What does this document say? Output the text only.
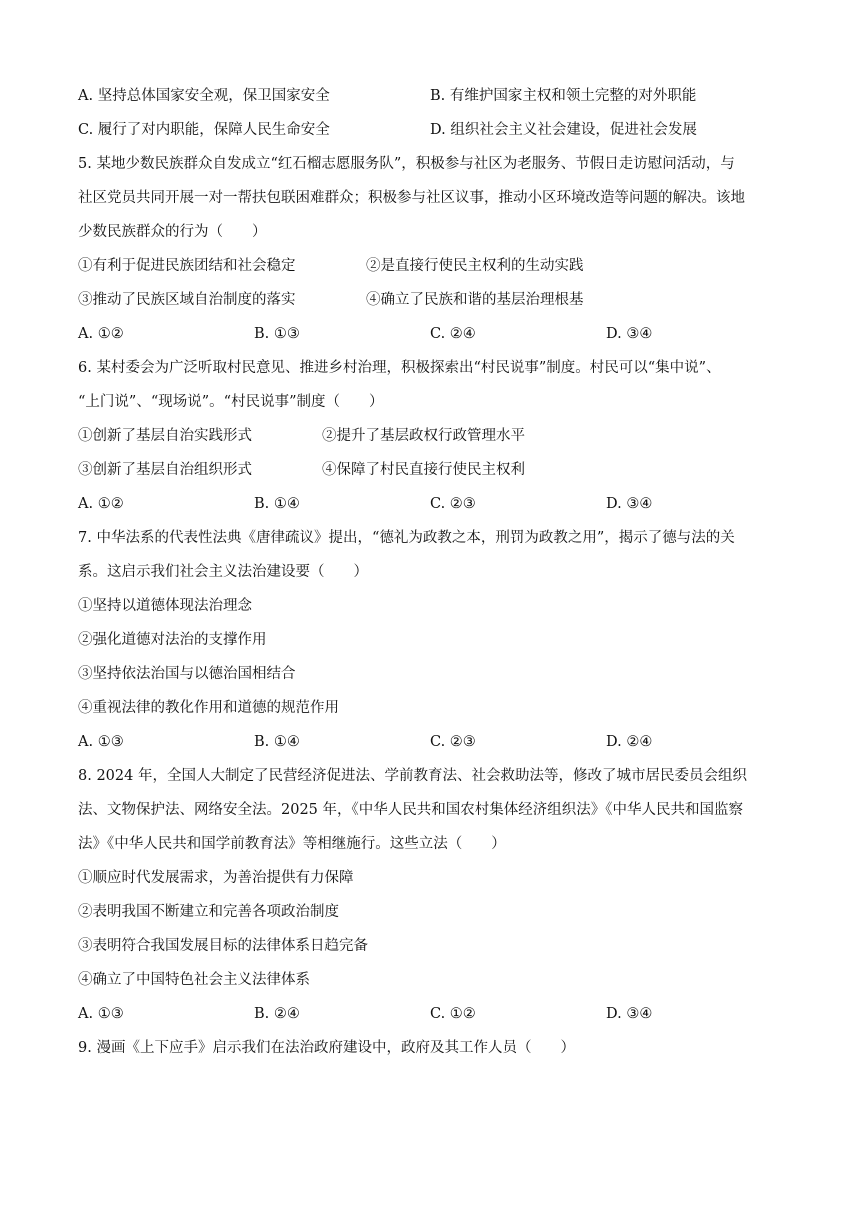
A. 坚持总体国家安全观，保卫国家安全	B. 有维护国家主权和领土完整的对外职能
C. 履行了对内职能，保障人民生命安全	D. 组织社会主义社会建设，促进社会发展
5. 某地少数民族群众自发成立“红石榴志愿服务队”，积极参与社区为老服务、节假日走访慰问活动，与
社区党员共同开展一对一帮扶包联困难群众；积极参与社区议事，推动小区环境改造等问题的解决。该地
少数民族群众的行为（　　）
①有利于促进民族团结和社会稳定	②是直接行使民主权利的生动实践
③推动了民族区域自治制度的落实	④确立了民族和谐的基层治理根基
A. ①②	B. ①③	C. ②④	D. ③④
6. 某村委会为广泛听取村民意见、推进乡村治理，积极探索出“村民说事”制度。村民可以“集中说”、
“上门说”、“现场说”。“村民说事”制度（　　）
①创新了基层自治实践形式	②提升了基层政权行政管理水平
③创新了基层自治组织形式	④保障了村民直接行使民主权利
A. ①②	B. ①④	C. ②③	D. ③④
7. 中华法系的代表性法典《唐律疏议》提出，“德礼为政教之本，刑罚为政教之用”，揭示了德与法的关
系。这启示我们社会主义法治建设要（　　）
①坚持以道德体现法治理念
②强化道德对法治的支撑作用
③坚持依法治国与以德治国相结合
④重视法律的教化作用和道德的规范作用
A. ①③	B. ①④	C. ②③	D. ②④
8. 2024 年，全国人大制定了民营经济促进法、学前教育法、社会救助法等，修改了城市居民委员会组织
法、文物保护法、网络安全法。2025 年，《中华人民共和国农村集体经济组织法》《中华人民共和国监察
法》《中华人民共和国学前教育法》等相继施行。这些立法（　　）
①顺应时代发展需求，为善治提供有力保障
②表明我国不断建立和完善各项政治制度
③表明符合我国发展目标的法律体系日趋完备
④确立了中国特色社会主义法律体系
A. ①③	B. ②④	C. ①②	D. ③④
9. 漫画《上下应手》启示我们在法治政府建设中，政府及其工作人员（　　）
